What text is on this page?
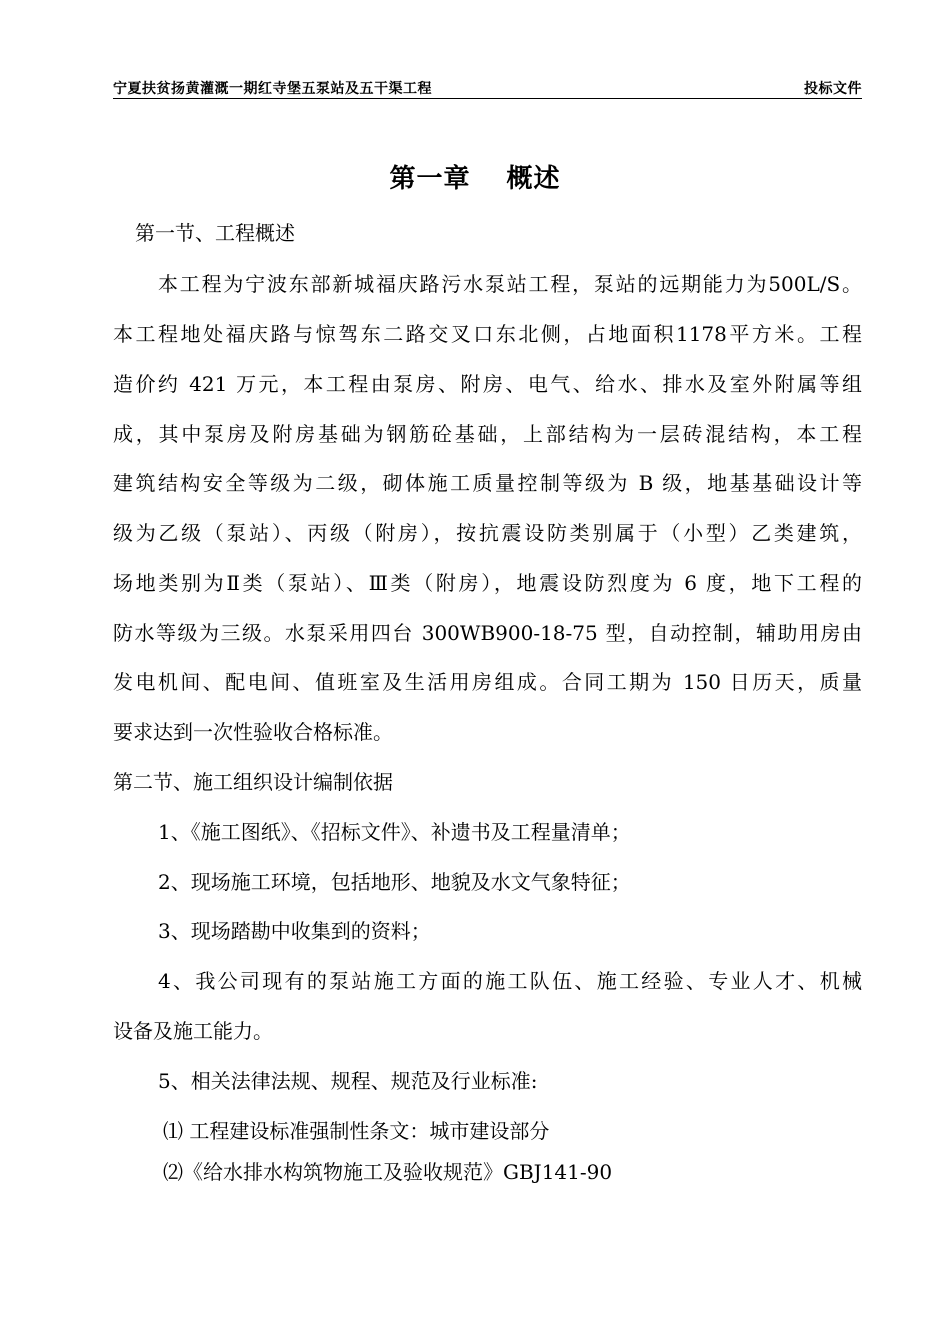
宁夏扶贫扬黄灌溉一期红寺堡五泵站及五干渠工程	投标文件
第一章 概述
第一节、工程概述
本工程为宁波东部新城福庆路污水泵站工程，泵站的远期能力为500L/S。
本工程地处福庆路与惊驾东二路交叉口东北侧，占地面积1178平方米。工程
造价约 421 万元，本工程由泵房、附房、电气、给水、排水及室外附属等组
成，其中泵房及附房基础为钢筋砼基础，上部结构为一层砖混结构，本工程
建筑结构安全等级为二级，砌体施工质量控制等级为 B 级，地基基础设计等
级为乙级（泵站）、丙级（附房），按抗震设防类别属于（小型）乙类建筑，
场地类别为Ⅱ类（泵站）、Ⅲ类（附房），地震设防烈度为 6 度，地下工程的
防水等级为三级。水泵采用四台 300WB900-18-75 型，自动控制，辅助用房由
发电机间、配电间、值班室及生活用房组成。合同工期为 150 日历天，质量
要求达到一次性验收合格标准。
第二节、施工组织设计编制依据
1、《施工图纸》、《招标文件》、补遗书及工程量清单；
2、现场施工环境，包括地形、地貌及水文气象特征；
3、现场踏勘中收集到的资料；
4、我公司现有的泵站施工方面的施工队伍、施工经验、专业人才、机械
设备及施工能力。
5、相关法律法规、规程、规范及行业标准:
⑴ 工程建设标准强制性条文：城市建设部分
⑵《给水排水构筑物施工及验收规范》GBJ141-90
